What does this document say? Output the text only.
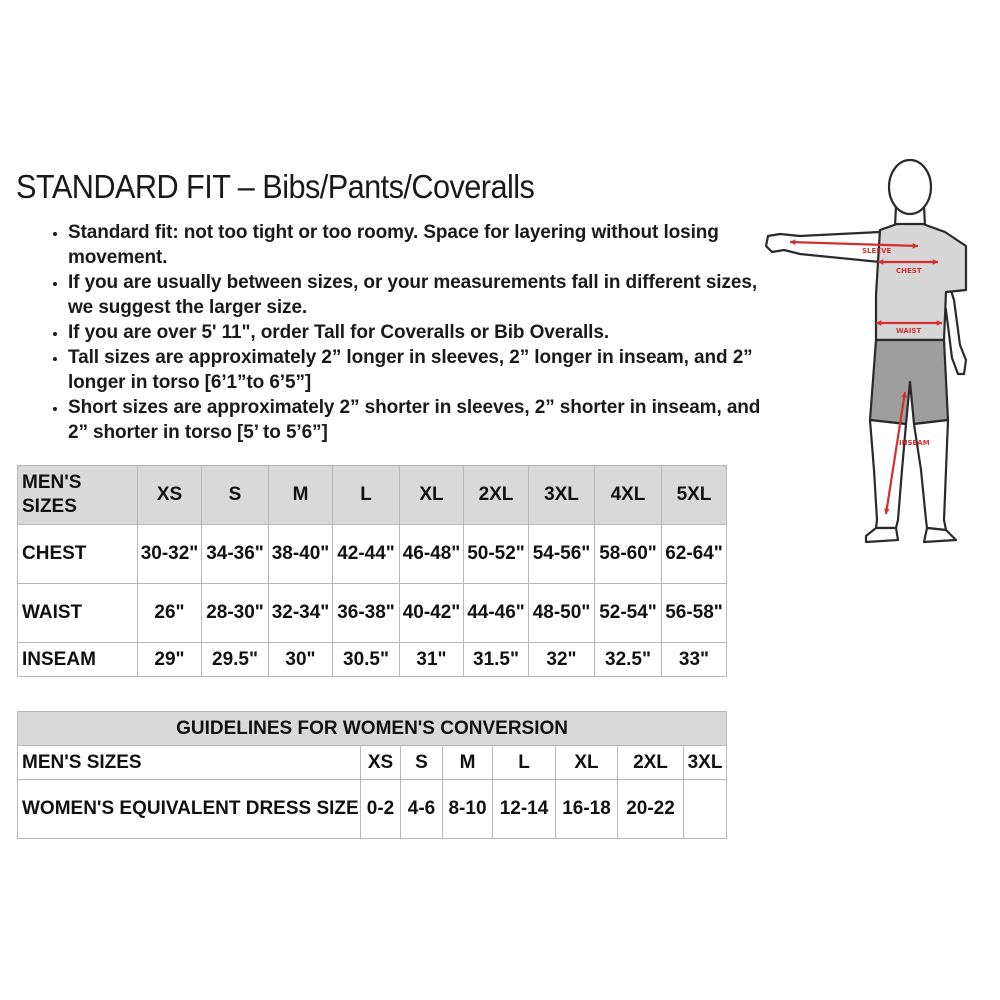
STANDARD FIT – Bibs/Pants/Coveralls
• Standard fit: not too tight or too roomy. Space for layering without losing movement.
• If you are usually between sizes, or your measurements fall in different sizes, we suggest the larger size.
• If you are over 5' 11", order Tall for Coveralls or Bib Overalls.
• Tall sizes are approximately 2” longer in sleeves, 2” longer in inseam, and 2” longer in torso [6’1”to 6’5”]
• Short sizes are approximately 2” shorter in sleeves, 2” shorter in inseam, and 2” shorter in torso [5’ to 5’6”]
MEN'S SIZES	XS	S	M	L	XL	2XL	3XL	4XL	5XL
CHEST	30-32"	34-36"	38-40"	42-44"	46-48"	50-52"	54-56"	58-60"	62-64"
WAIST	26"	28-30"	32-34"	36-38"	40-42"	44-46"	48-50"	52-54"	56-58"
INSEAM	29"	29.5"	30"	30.5"	31"	31.5"	32"	32.5"	33"
GUIDELINES FOR WOMEN'S CONVERSION							
MEN'S SIZES	XS	S	M	L	XL	2XL	3XL
WOMEN'S EQUIVALENT DRESS SIZE	0-2	4-6	8-10	12-14	16-18	20-22	
SLEEVE
CHEST
WAIST
INSEAM
